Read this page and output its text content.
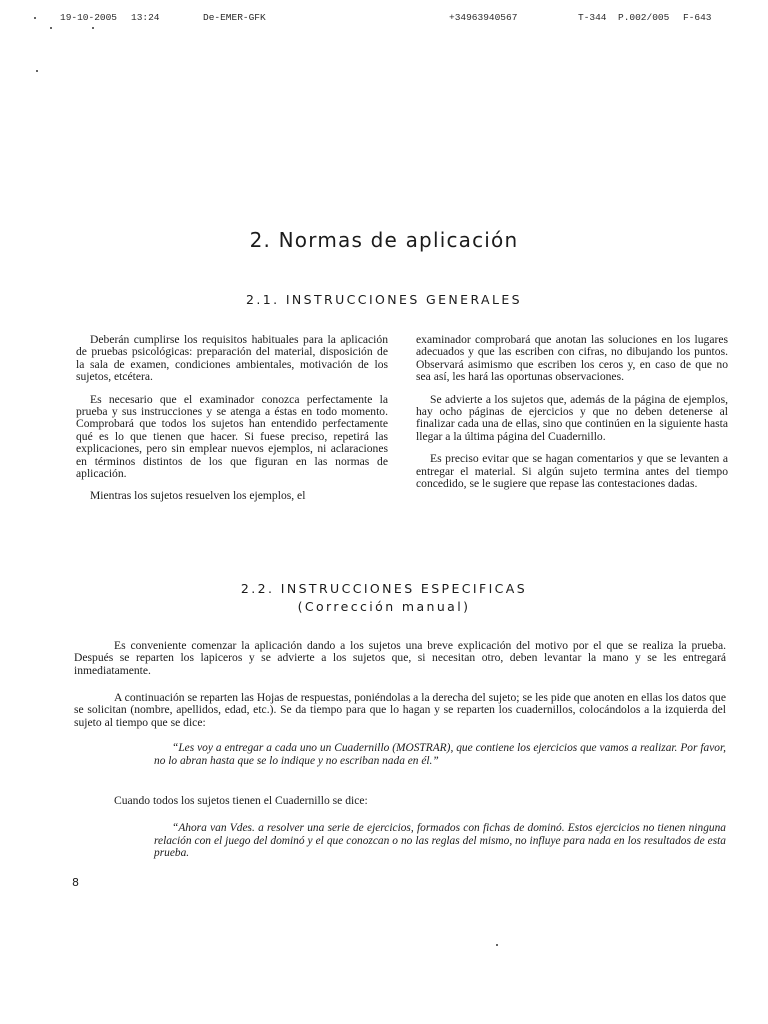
19-10-2005 13:24	De-EMER-GFK	+34963940567	T-344 P.002/005 F-643
2. Normas de aplicación
2.1. INSTRUCCIONES GENERALES

Deberán cumplirse los requisitos habituales para la aplicación de pruebas psicológicas: preparación del material, disposición de la sala de examen, condiciones ambientales, motivación de los sujetos, etcétera.

Es necesario que el examinador conozca perfectamente la prueba y sus instrucciones y se atenga a éstas en todo momento. Comprobará que todos los sujetos han entendido perfectamente qué es lo que tienen que hacer. Si fuese preciso, repetirá las explicaciones, pero sin emplear nuevos ejemplos, ni aclaraciones en términos distintos de los que figuran en las normas de aplicación.

Mientras los sujetos resuelven los ejemplos, el

examinador comprobará que anotan las soluciones en los lugares adecuados y que las escriben con cifras, no dibujando los puntos. Observará asimismo que escriben los ceros y, en caso de que no sea así, les hará las oportunas observaciones.

Se advierte a los sujetos que, además de la página de ejemplos, hay ocho páginas de ejercicios y que no deben detenerse al finalizar cada una de ellas, sino que continúen en la siguiente hasta llegar a la última página del Cuadernillo.

Es preciso evitar que se hagan comentarios y que se levanten a entregar el material. Si algún sujeto termina antes del tiempo concedido, se le sugiere que repase las contestaciones dadas.

2.2. INSTRUCCIONES ESPECIFICAS
(Corrección manual)

Es conveniente comenzar la aplicación dando a los sujetos una breve explicación del motivo por el que se realiza la prueba. Después se reparten los lapiceros y se advierte a los sujetos que, si necesitan otro, deben levantar la mano y se les entregará inmediatamente.

A continuación se reparten las Hojas de respuestas, poniéndolas a la derecha del sujeto; se les pide que anoten en ellas los datos que se solicitan (nombre, apellidos, edad, etc.). Se da tiempo para que lo hagan y se reparten los cuadernillos, colocándolos a la izquierda del sujeto al tiempo que se dice:

“Les voy a entregar a cada uno un Cuadernillo (MOSTRAR), que contiene los ejercicios que vamos a realizar. Por favor, no lo abran hasta que se lo indique y no escriban nada en él.”

Cuando todos los sujetos tienen el Cuadernillo se dice:

“Ahora van Vdes. a resolver una serie de ejercicios, formados con fichas de dominó. Estos ejercicios no tienen ninguna relación con el juego del dominó y el que conozcan o no las reglas del mismo, no influye para nada en los resultados de esta prueba.

8
